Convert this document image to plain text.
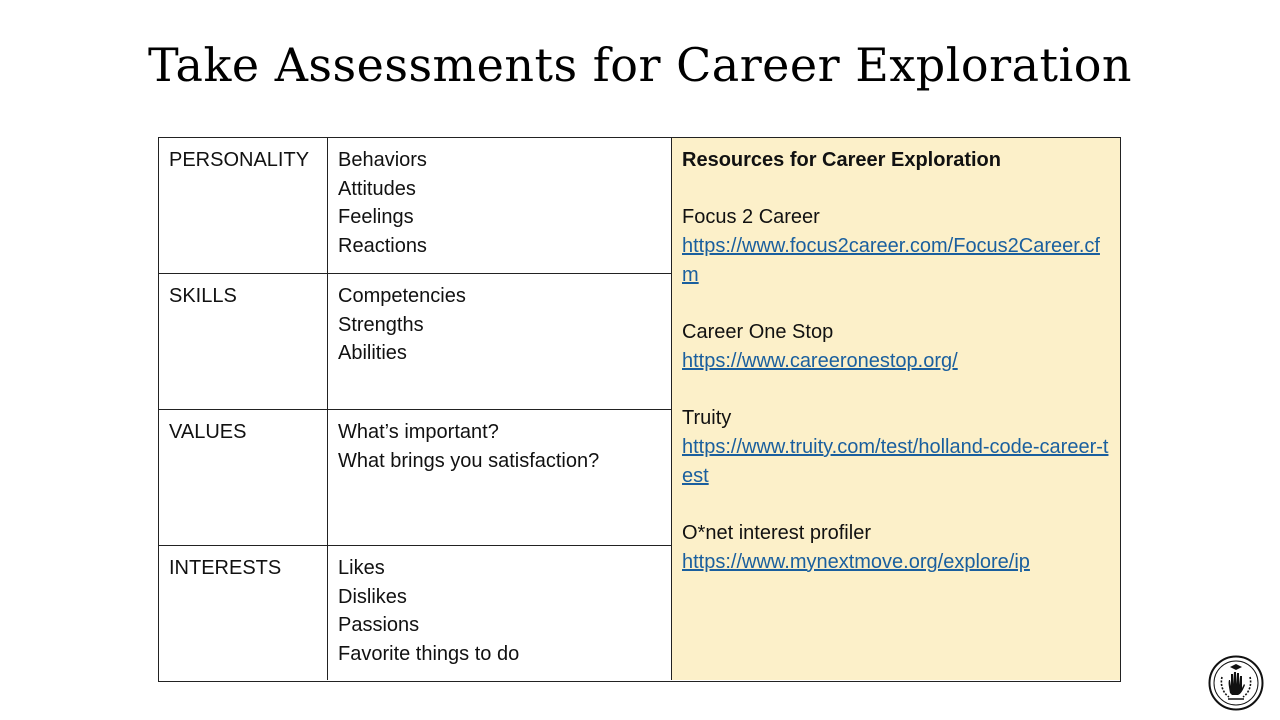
Take Assessments for Career Exploration
PERSONALITY	Behaviors
Attitudes
Feelings
Reactions
SKILLS	Competencies
Strengths
Abilities
VALUES	What’s important?
What brings you satisfaction?
INTERESTS	Likes
Dislikes
Passions
Favorite things to do
Resources for Career Exploration
Focus 2 Career
https://www.focus2career.com/Focus2Career.cfm
Career One Stop
https://www.careeronestop.org/
Truity
https://www.truity.com/test/holland-code-career-test
O*net interest profiler
https://www.mynextmove.org/explore/ip
